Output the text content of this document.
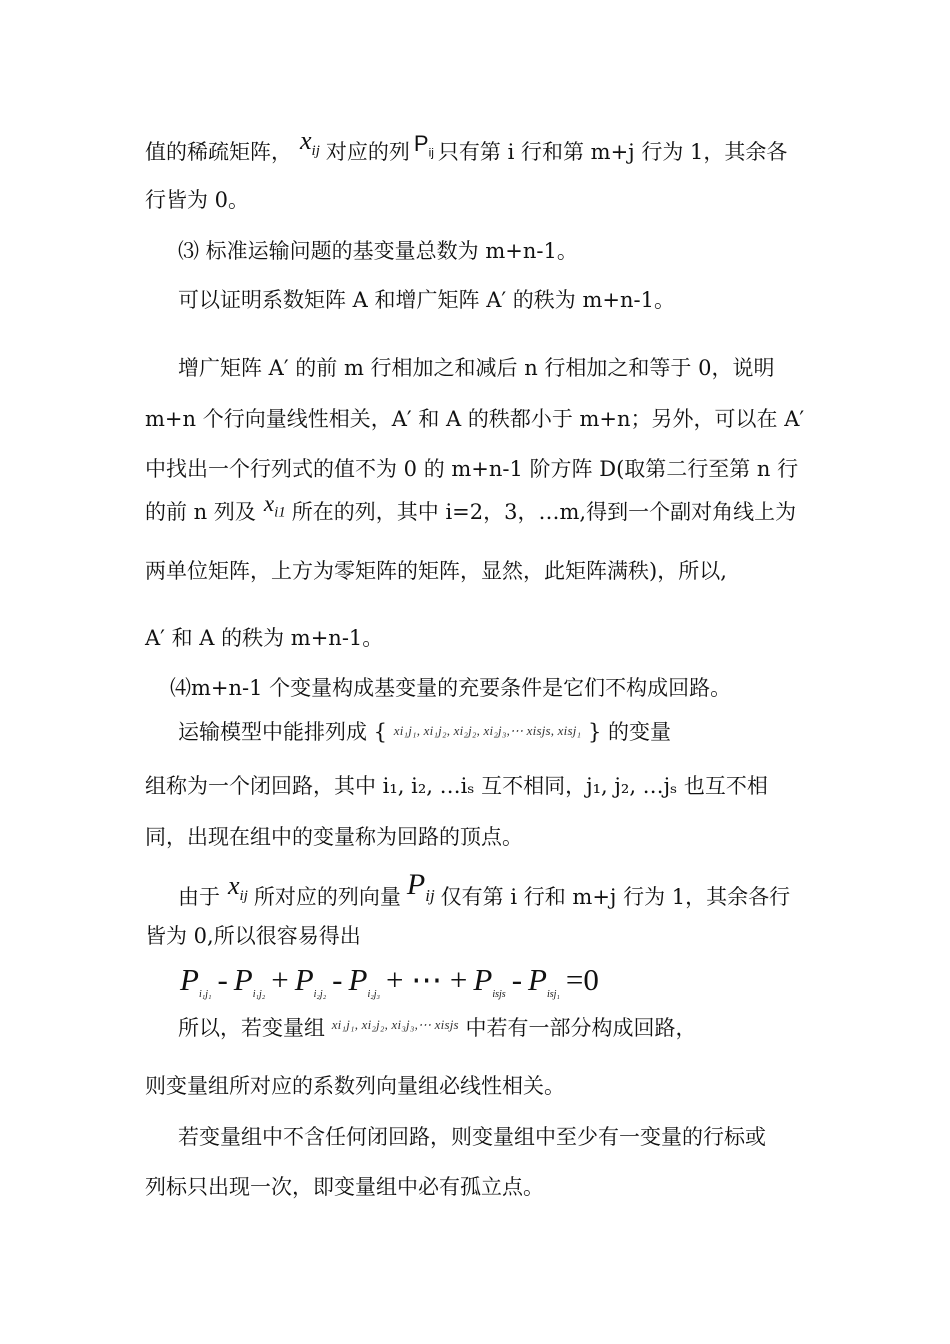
值的稀疏矩阵， $x_{ij}$ 对应的列 $P_{ij}$ 只有第 i 行和第 m+j 行为 1，其余各
行皆为 0。
⑶ 标准运输问题的基变量总数为 m+n-1。
可以证明系数矩阵 A 和增广矩阵 A′ 的秩为 m+n-1。
增广矩阵 A′ 的前 m 行相加之和减后 n 行相加之和等于 0，说明
m+n 个行向量线性相关，A′ 和 A 的秩都小于 m+n；另外，可以在 A′
中找出一个行列式的值不为 0 的 m+n-1 阶方阵 D(取第二行至第 n 行
的前 n 列及 $x_{i1}$ 所在的列，其中 i=2，3，…m,得到一个副对角线上为
两单位矩阵，上方为零矩阵的矩阵，显然，此矩阵满秩)，所以,
A′ 和 A 的秩为 m+n-1。
⑷m+n-1 个变量构成基变量的充要条件是它们不构成回路。
运输模型中能排列成 { xi₁j₁, xi₁j₂, xi₂j₂, xi₂j₃,⋯ xisjs, xisj₁ } 的变量
组称为一个闭回路，其中 i₁, i₂, …iₛ 互不相同，j₁, j₂, …jₛ 也互不相
同，出现在组中的变量称为回路的顶点。
由于 $x_{ij}$ 所对应的列向量 $P_{ij}$ 仅有第 i 行和 m+j 行为 1，其余各行
皆为 0,所以很容易得出
$P_{i_1j_1} - P_{i_1j_2} + P_{i_2j_2} - P_{i_2j_3}$ + ⋯ + $P_{isjs} - P_{isj_1} =0$
所以，若变量组 $^{xi_1j_1, xi_2j_2, xi_3j_3,\cdots xisjs}$ 中若有一部分构成回路，
则变量组所对应的系数列向量组必线性相关。
若变量组中不含任何闭回路，则变量组中至少有一变量的行标或
列标只出现一次，即变量组中必有孤立点。
